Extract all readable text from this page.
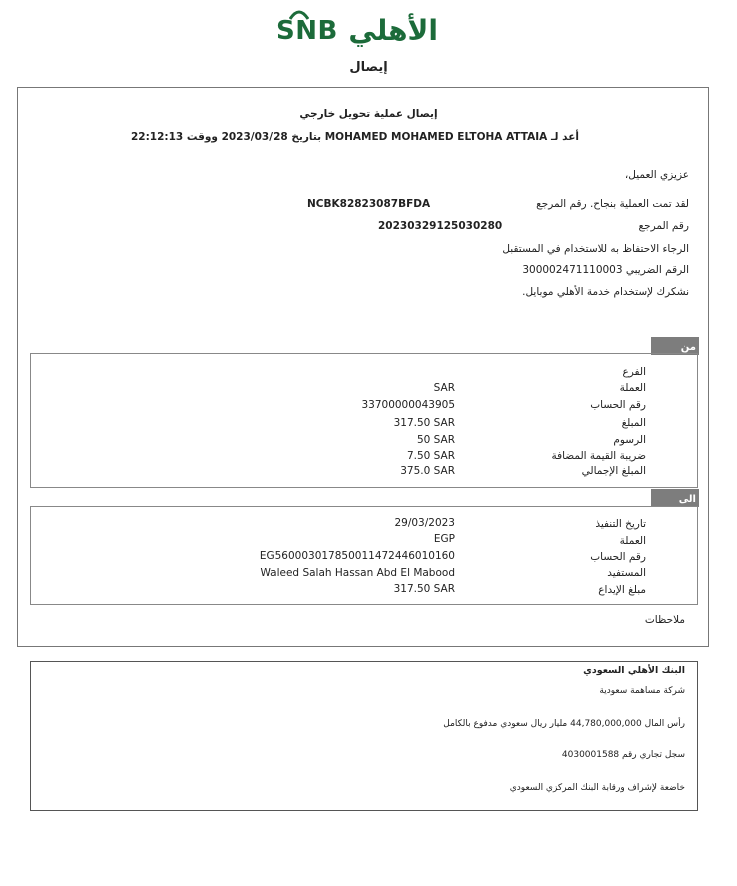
SNB الأهلي
إيصال
إيصال عملية تحويل خارجي
أعد لـ MOHAMED MOHAMED ELTOHA ATTAIA بتاريخ 2023/03/28 ووقت 22:12:13
عزيزي العميل،
لقد تمت العملية بنجاح. رقم المرجع
NCBK82823087BFDA
رقم المرجع
20230329125030280
الرجاء الاحتفاظ به للاستخدام في المستقبل
الرقم الضريبي 300002471110003
نشكرك لإستخدام خدمة الأهلي موبايل.
من
الفرع
العملة
SAR
رقم الحساب
33700000043905
المبلغ
317.50 SAR
الرسوم
50 SAR
ضريبة القيمة المضافة
7.50 SAR
المبلغ الإجمالي
375.0 SAR
الى
تاريخ التنفيذ
29/03/2023
العملة
EGP
رقم الحساب
EG560003017850011472446010160
المستفيد
Waleed Salah Hassan Abd El Mabood
مبلغ الإيداع
317.50 SAR
ملاحظات
البنك الأهلي السعودي
شركة مساهمة سعودية
رأس المال 44,780,000,000 مليار ريال سعودي مدفوع بالكامل
سجل تجاري رقم 4030001588
خاضعة لإشراف ورقابة البنك المركزي السعودي
